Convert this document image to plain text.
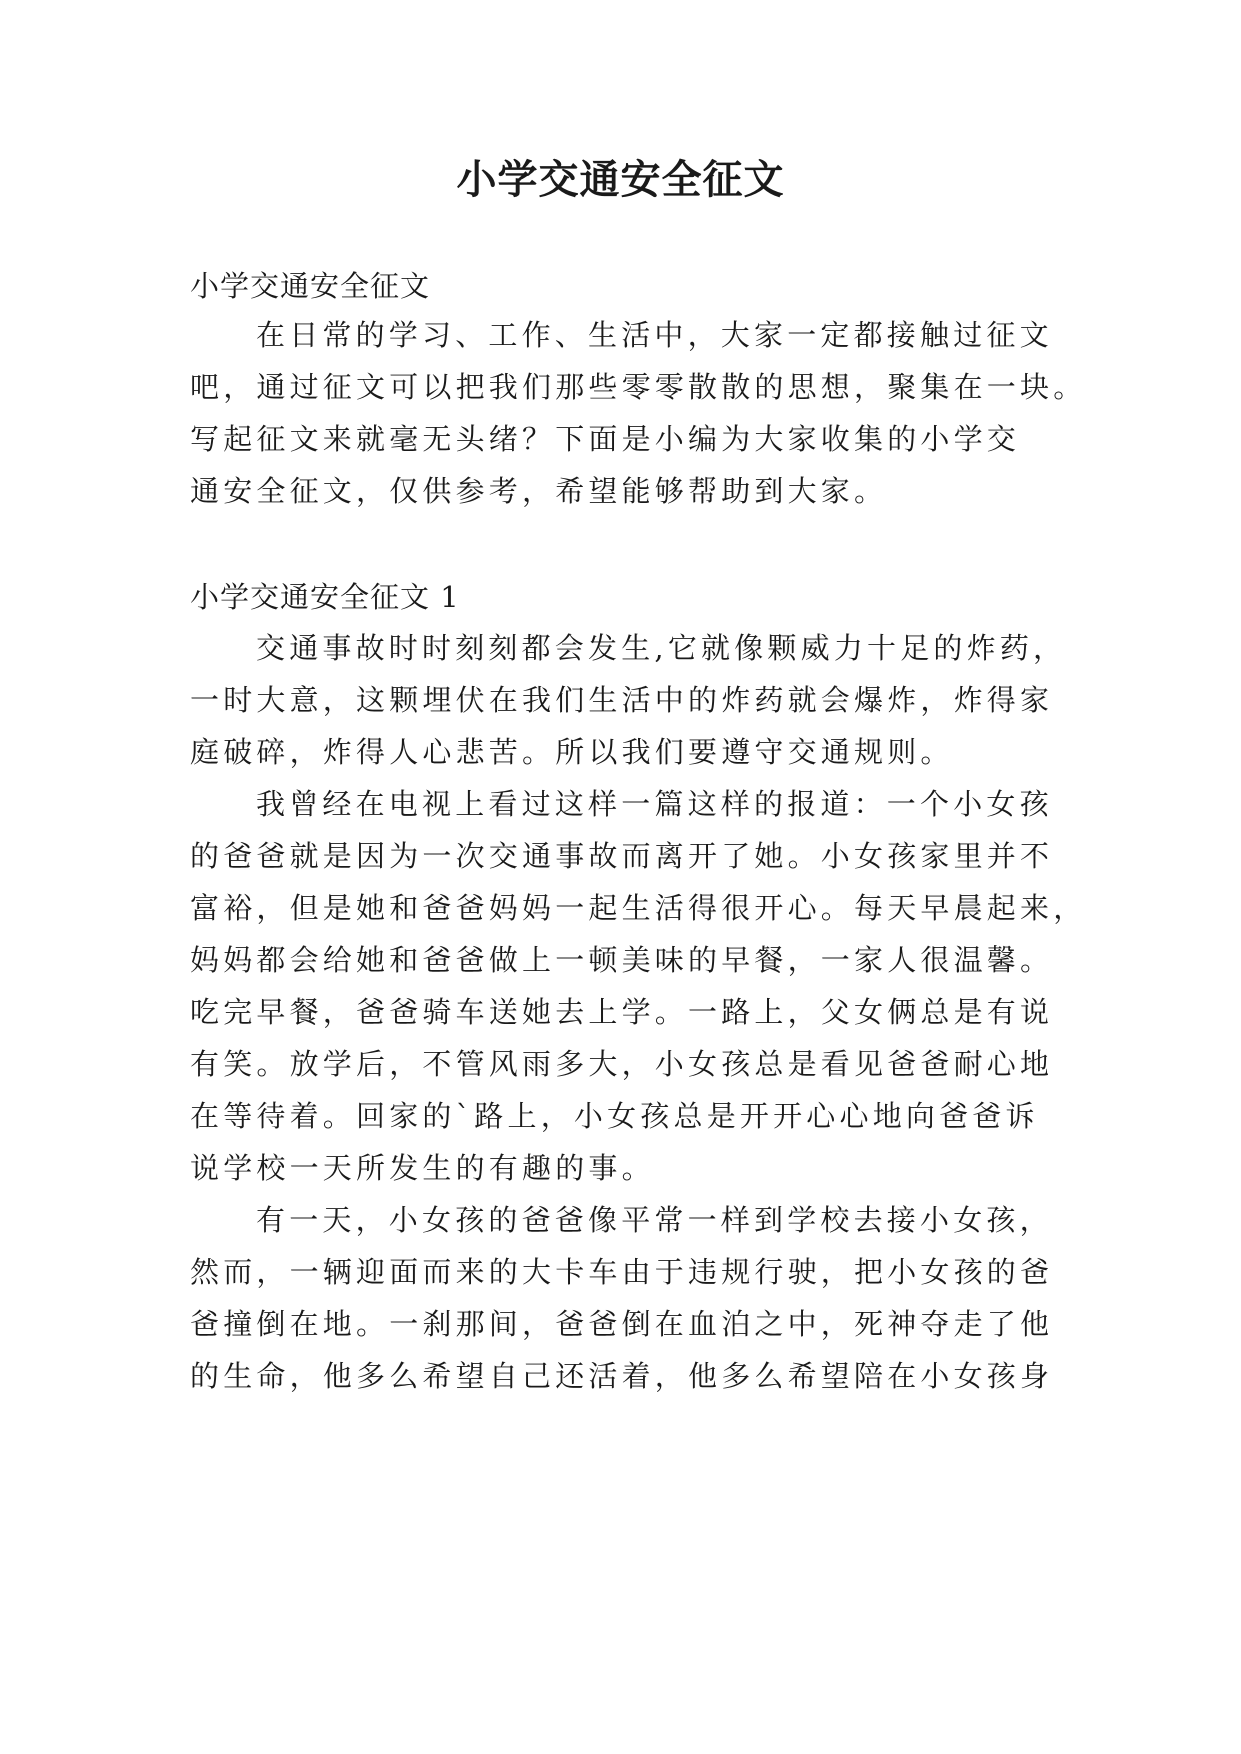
小学交通安全征文

小学交通安全征文

在日常的学习、工作、生活中，大家一定都接触过征文

吧，通过征文可以把我们那些零零散散的思想，聚集在一块。

写起征文来就毫无头绪？下面是小编为大家收集的小学交

通安全征文，仅供参考，希望能够帮助到大家。

小学交通安全征文 1

交通事故时时刻刻都会发生,它就像颗威力十足的炸药，

一时大意，这颗埋伏在我们生活中的炸药就会爆炸，炸得家

庭破碎，炸得人心悲苦。所以我们要遵守交通规则。

我曾经在电视上看过这样一篇这样的报道：一个小女孩

的爸爸就是因为一次交通事故而离开了她。小女孩家里并不

富裕，但是她和爸爸妈妈一起生活得很开心。每天早晨起来，

妈妈都会给她和爸爸做上一顿美味的早餐，一家人很温馨。

吃完早餐，爸爸骑车送她去上学。一路上，父女俩总是有说

有笑。放学后，不管风雨多大，小女孩总是看见爸爸耐心地

在等待着。回家的`路上，小女孩总是开开心心地向爸爸诉

说学校一天所发生的有趣的事。

有一天，小女孩的爸爸像平常一样到学校去接小女孩，

然而，一辆迎面而来的大卡车由于违规行驶，把小女孩的爸

爸撞倒在地。一刹那间，爸爸倒在血泊之中，死神夺走了他

的生命，他多么希望自己还活着，他多么希望陪在小女孩身
